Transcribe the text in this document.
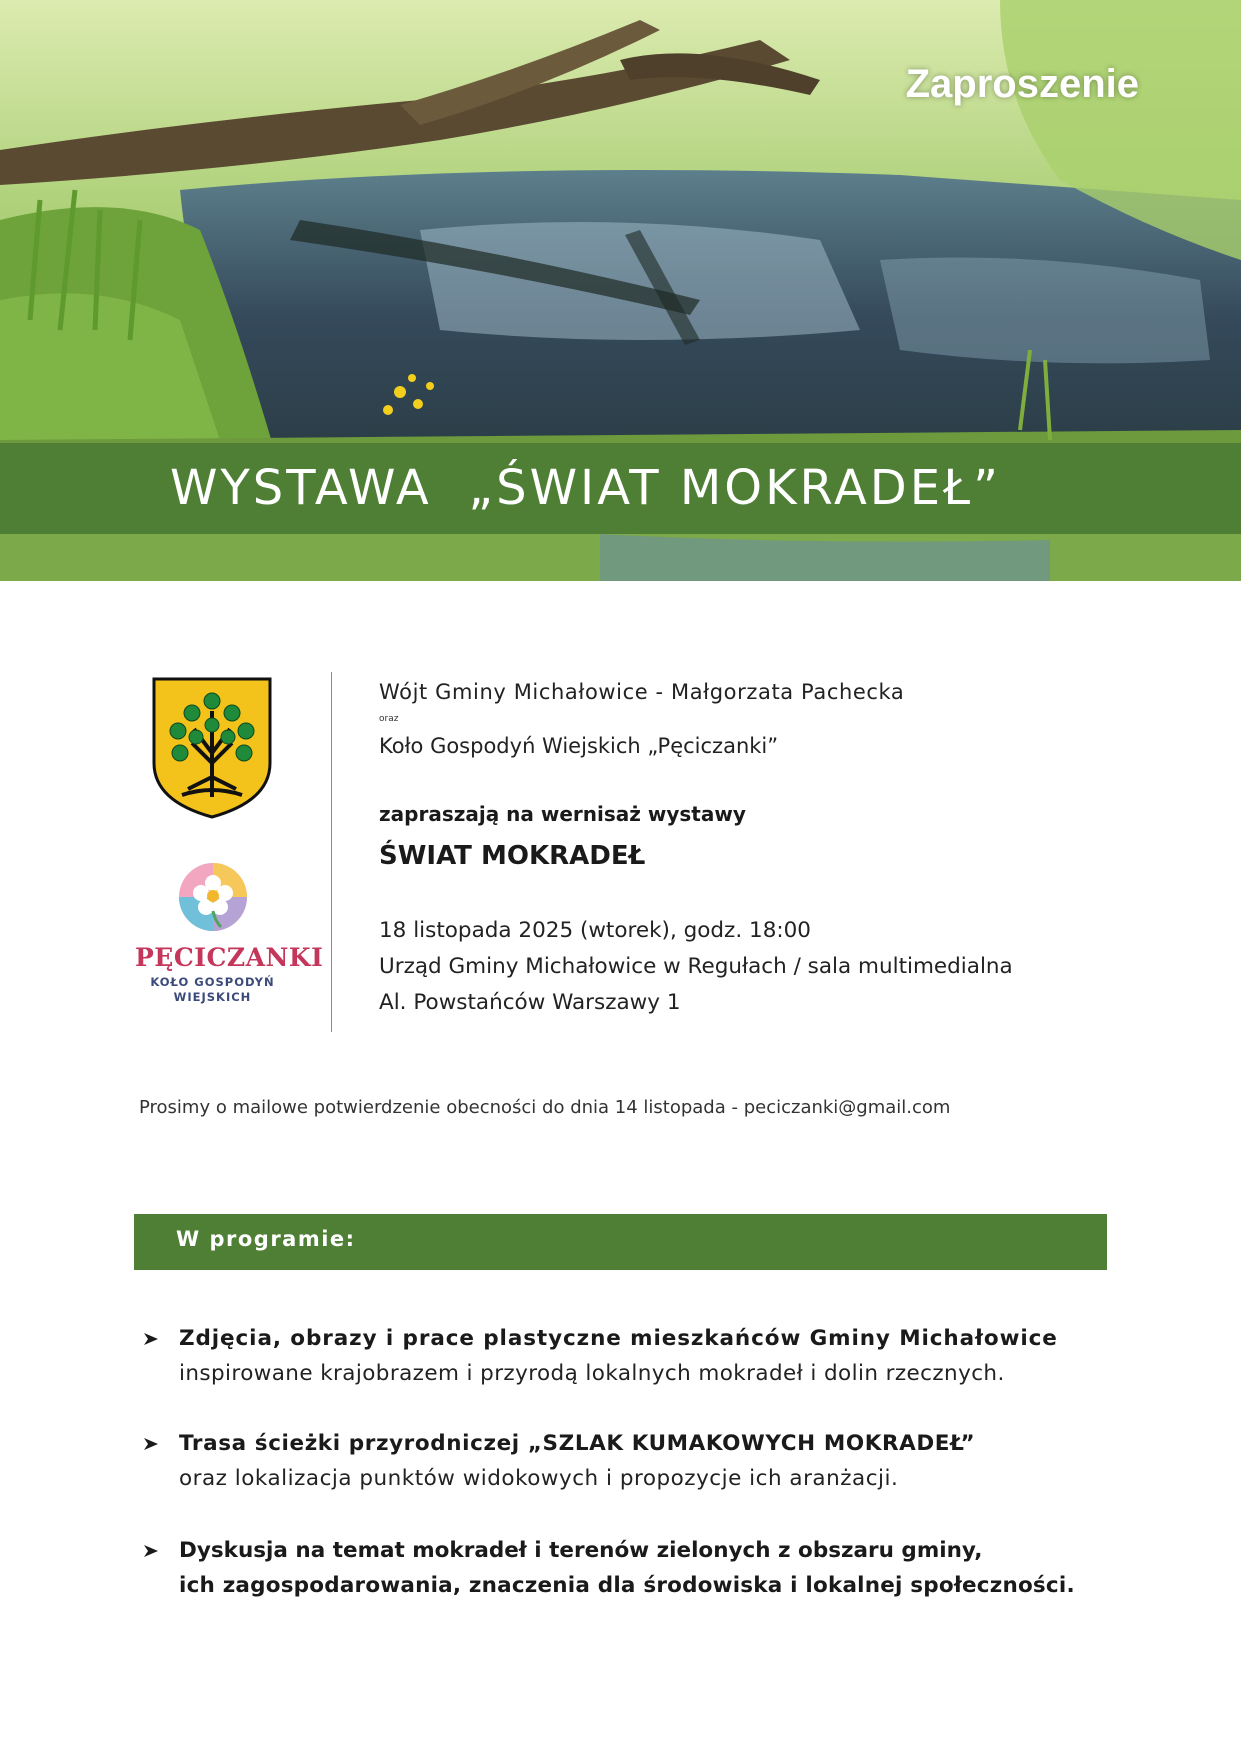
Zaproszenie
WYSTAWA  „ŚWIAT MOKRADEŁ”
PĘCICZANKI
KOŁO GOSPODYŃ
WIEJSKICH
Wójt Gminy Michałowice - Małgorzata Pachecka
oraz
Koło Gospodyń Wiejskich „Pęciczanki”
zapraszają na wernisaż wystawy
ŚWIAT MOKRADEŁ
18 listopada 2025 (wtorek), godz. 18:00
Urząd Gminy Michałowice w Regułach / sala multimedialna
Al. Powstańców Warszawy 1
Prosimy o mailowe potwierdzenie obecności do dnia 14 listopada - peciczanki@gmail.com
W programie:
Zdjęcia, obrazy i prace plastyczne mieszkańców Gminy Michałowice
inspirowane krajobrazem i przyrodą lokalnych mokradeł i dolin rzecznych.
Trasa ścieżki przyrodniczej „SZLAK KUMAKOWYCH MOKRADEŁ”
oraz lokalizacja punktów widokowych i propozycje ich aranżacji.
Dyskusja na temat mokradeł i terenów zielonych z obszaru gminy,
ich zagospodarowania, znaczenia dla środowiska i lokalnej społeczności.
